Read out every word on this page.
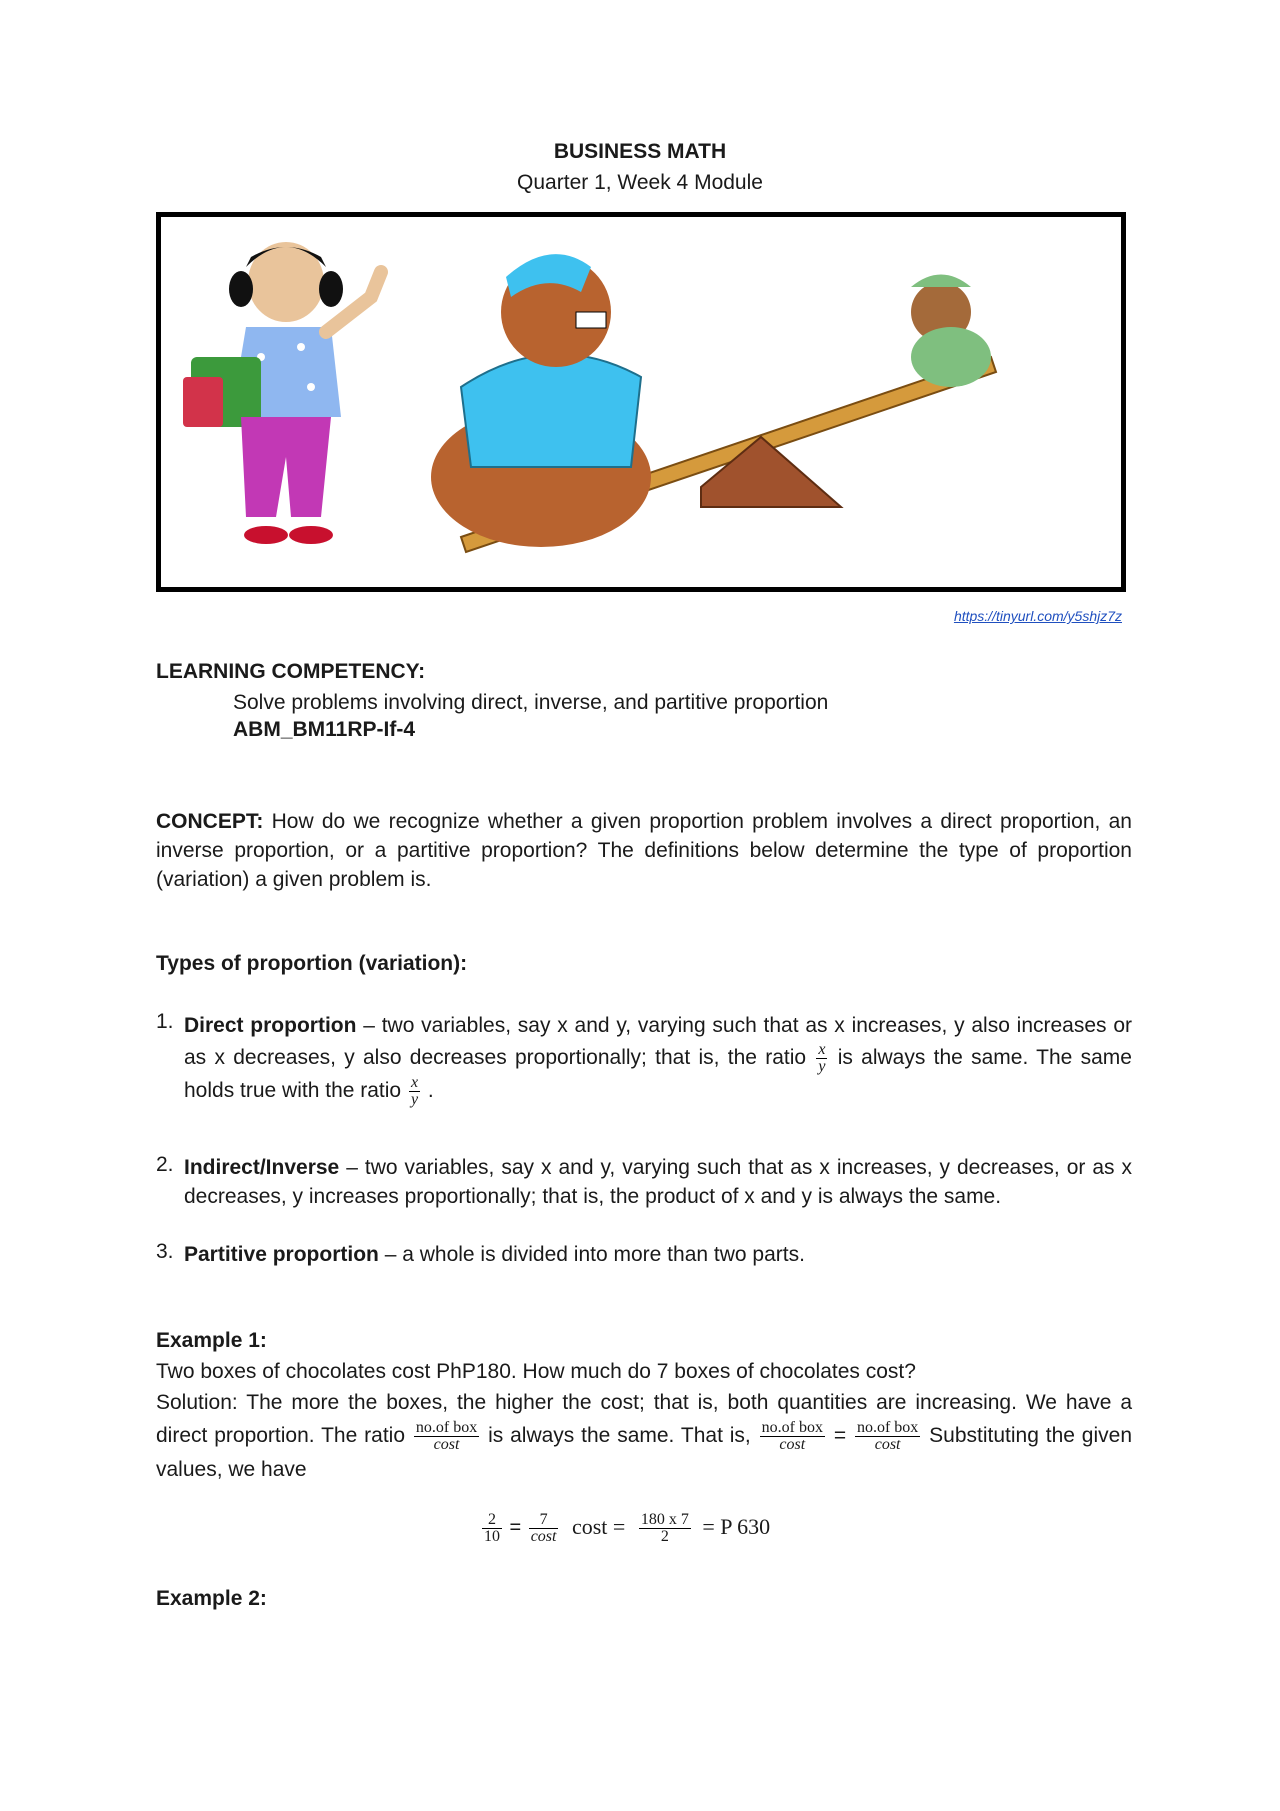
BUSINESS MATH
Quarter 1, Week 4 Module
https://tinyurl.com/y5shjz7z
LEARNING COMPETENCY:
Solve problems involving direct, inverse, and partitive proportion
ABM_BM11RP-If-4
CONCEPT: How do we recognize whether a given proportion problem involves a direct proportion, an inverse proportion, or a partitive proportion? The definitions below determine the type of proportion (variation) a given problem is.
Types of proportion (variation):
1. Direct proportion – two variables, say x and y, varying such that as x increases, y also increases or as x decreases, y also decreases proportionally; that is, the ratio $\frac{x}{y}$ is always the same. The same holds true with the ratio $\frac{x}{y}$ .
2. Indirect/Inverse – two variables, say x and y, varying such that as x increases, y decreases, or as x decreases, y increases proportionally; that is, the product of x and y is always the same.
3. Partitive proportion – a whole is divided into more than two parts.
Example 1:
Two boxes of chocolates cost PhP180. How much do 7 boxes of chocolates cost?
Solution: The more the boxes, the higher the cost; that is, both quantities are increasing. We have a direct proportion. The ratio $\frac{\text{no.of box}}{\cos t}$ is always the same. That is, $\frac{\text{no.of box}}{\cos t} = \frac{\text{no.of box}}{\cos t}$ Substituting the given values, we have
$\frac{2}{10} = \frac{7}{\cos t}$ $\cos t = \frac{180 x 7}{2} = P$ 630
Example 2:
